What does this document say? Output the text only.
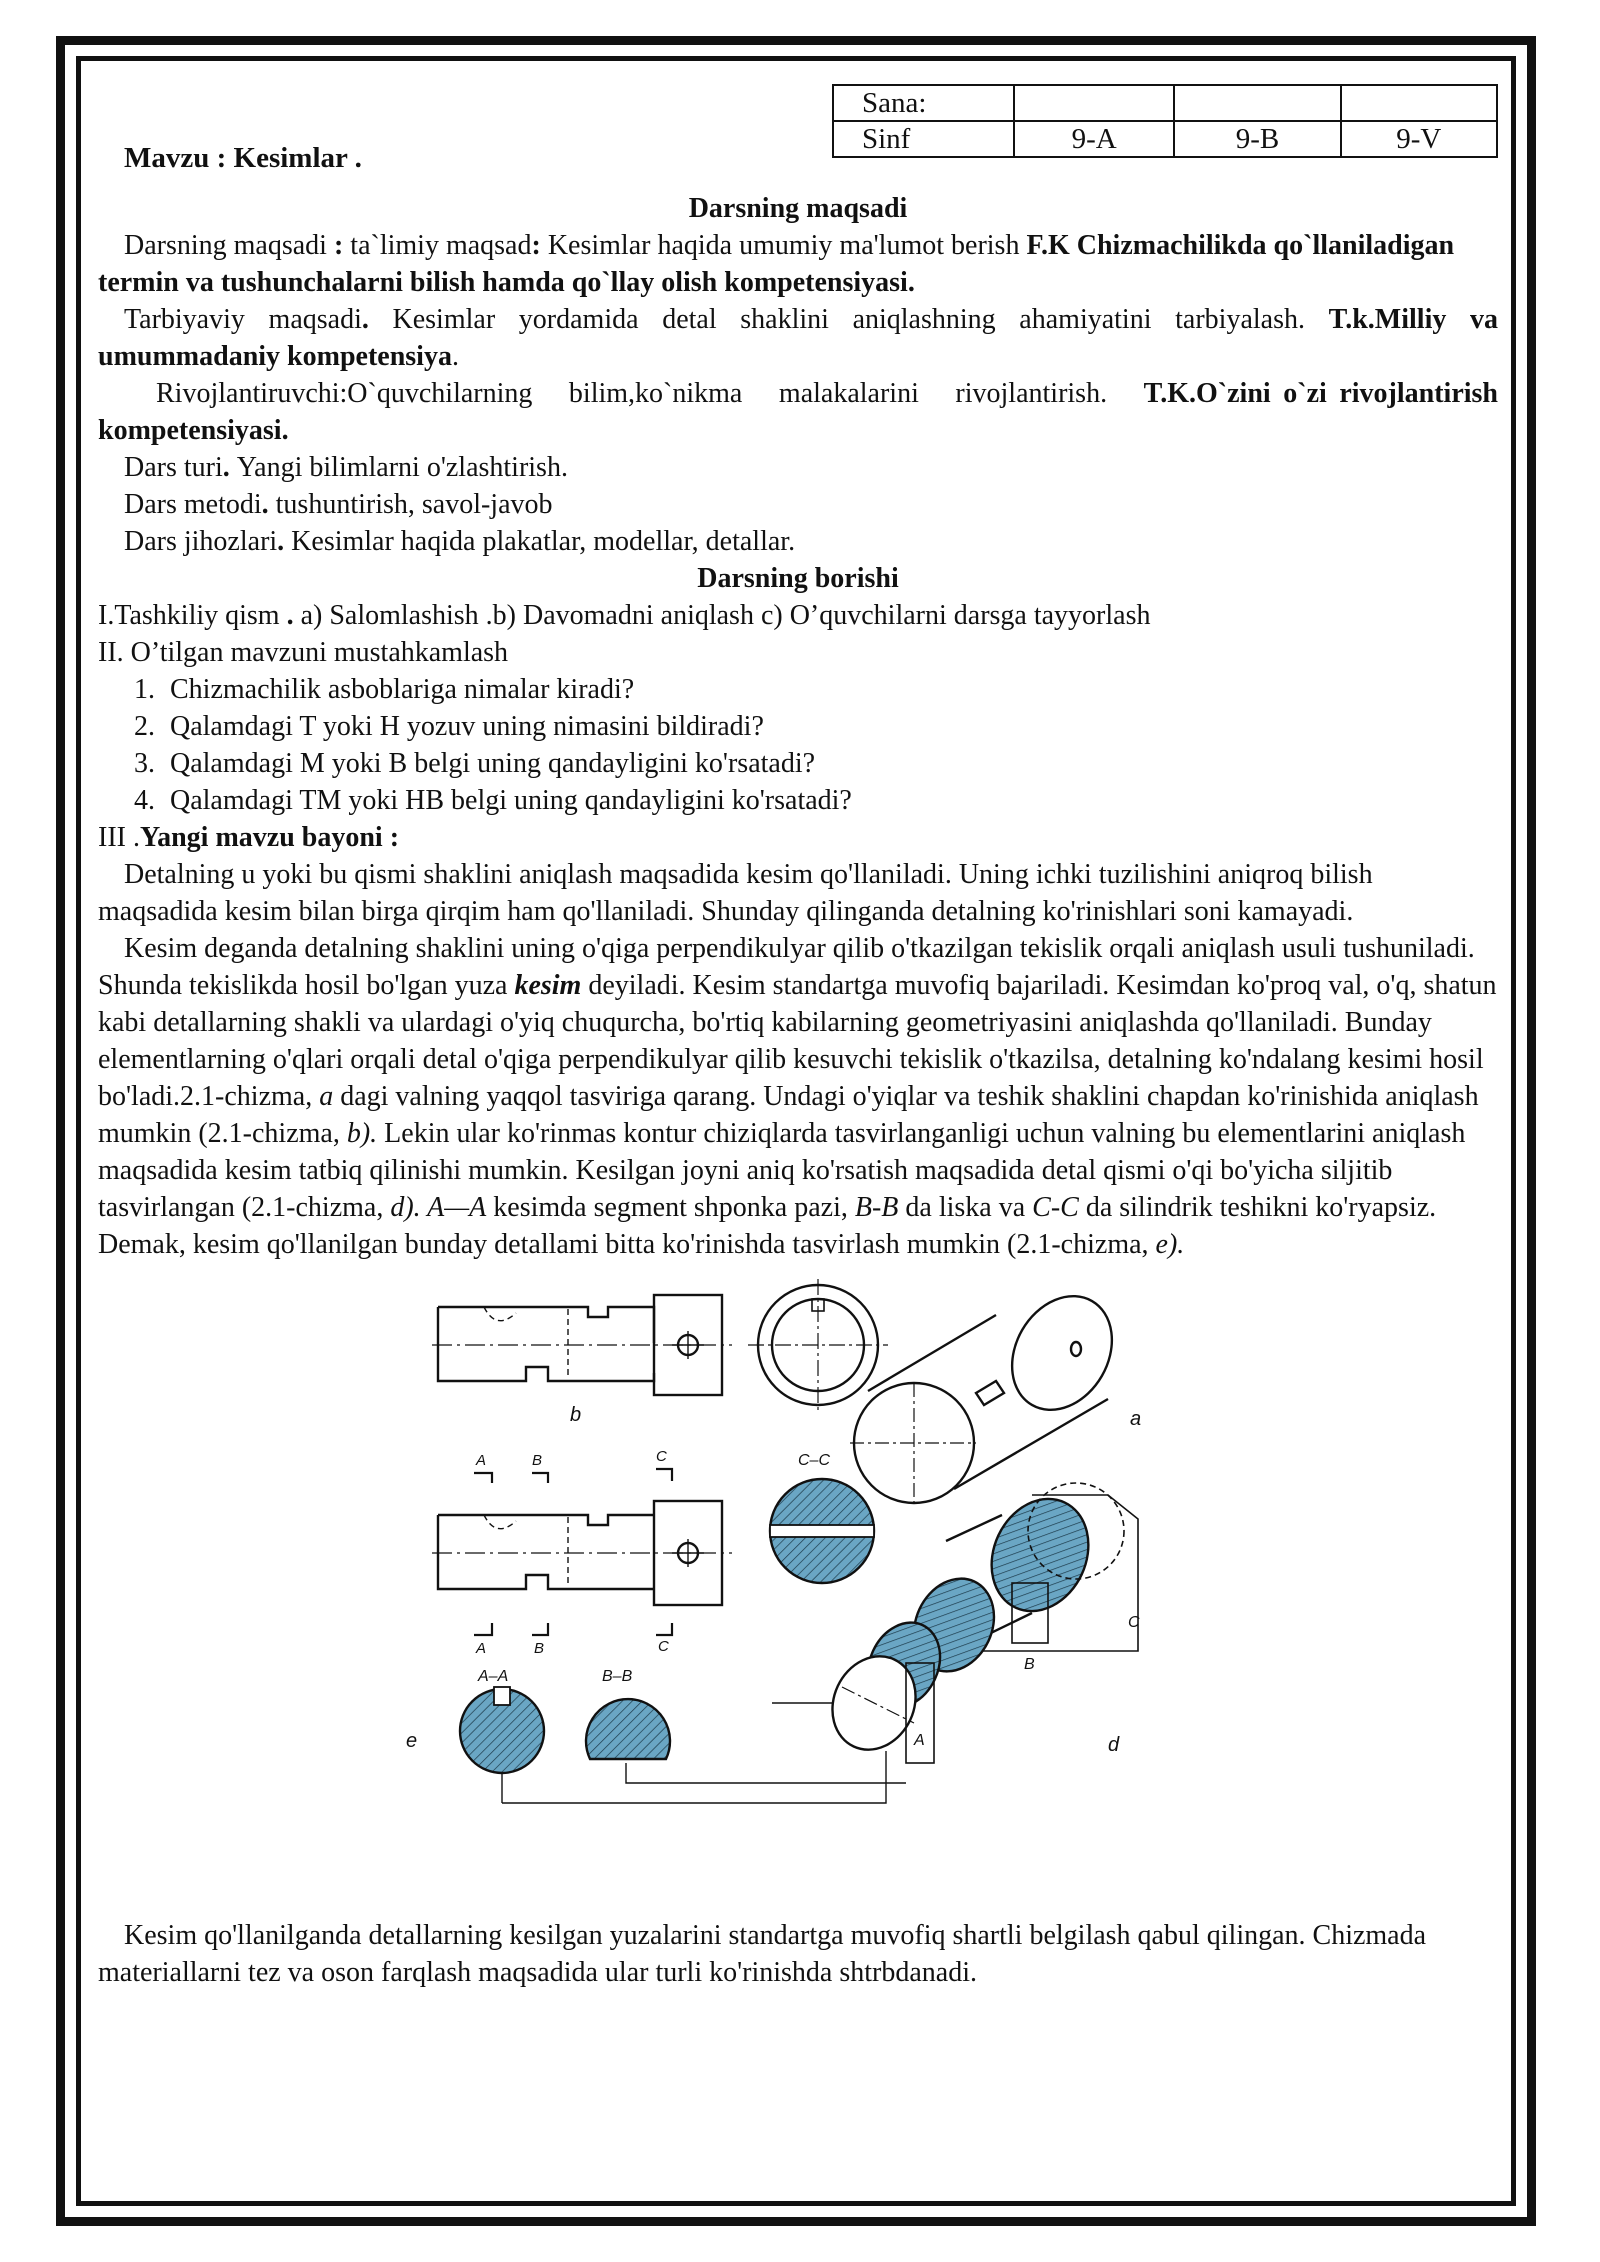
Mavzu : Kesimlar .
Sana:			
Sinf	9-A	9-B	9-V

Darsning maqsadi

Darsning maqsadi : ta`limiy maqsad: Kesimlar haqida umumiy ma'lumot berish F.K Chizmachilikda qo`llaniladigan termin va tushunchalarni bilish hamda qo`llay olish kompetensiyasi.

Tarbiyaviy maqsadi. Kesimlar yordamida detal shaklini aniqlashning ahamiyatini tarbiyalash. T.k.Milliy va umummadaniy kompetensiya.

Rivojlantiruvchi:O`quvchilarning bilim,ko`nikma malakalarini rivojlantirish. T.K.O`zini o`zi rivojlantirish kompetensiyasi.

Dars turi. Yangi bilimlarni o'zlashtirish.

Dars metodi. tushuntirish, savol-javob

Dars jihozlari. Kesimlar haqida plakatlar, modellar, detallar.

Darsning borishi

I.Tashkiliy qism . a) Salomlashish .b) Davomadni aniqlash c) O’quvchilarni darsga tayyorlash

II. O’tilgan mavzuni mustahkamlash

1. Chizmachilik asboblariga nimalar kiradi?
2. Qalamdagi T yoki H yozuv uning nimasini bildiradi?
3. Qalamdagi M yoki B belgi uning qandayligini ko'rsatadi?
4. Qalamdagi TM yoki HB belgi uning qandayligini ko'rsatadi?

III .Yangi mavzu bayoni :

Detalning u yoki bu qismi shaklini aniqlash maqsadida kesim qo'llaniladi. Uning ichki tuzilishini aniqroq bilish maqsadida kesim bilan birga qirqim ham qo'llaniladi. Shunday qilinganda detalning ko'rinishlari soni kamayadi.

Kesim deganda detalning shaklini uning o'qiga perpendikulyar qilib o'tkazilgan tekislik orqali aniqlash usuli tushuniladi. Shunda tekislikda hosil bo'lgan yuza kesim deyiladi. Kesim standartga muvofiq bajariladi. Kesimdan ko'proq val, o'q, shatun kabi detallarning shakli va ulardagi o'yiq chuqurcha, bo'rtiq kabilarning geometriyasini aniqlashda qo'llaniladi. Bunday elementlarning o'qlari orqali detal o'qiga perpendikulyar qilib kesuvchi tekislik o'tkazilsa, detalning ko'ndalang kesimi hosil bo'ladi.2.1-chizma, a dagi valning yaqqol tasviriga qarang. Undagi o'yiqlar va teshik shaklini chapdan ko'rinishida aniqlash mumkin (2.1-chizma, b). Lekin ular ko'rinmas kontur chiziqlarda tasvirlanganligi uchun valning bu elementlarini aniqlash maqsadida kesim tatbiq qilinishi mumkin. Kesilgan joyni aniq ko'rsatish maqsadida detal qismi o'qi bo'yicha siljitib tasvirlangan (2.1-chizma, d). A—A kesimda segment shponka pazi, B-B da liska va C-C da silindrik teshikni ko'ryapsiz. Demak, kesim qo'llanilgan bunday detallami bitta ko'rinishda tasvirlash mumkin (2.1-chizma, e).

b	a
A	B	C
A	B	C
C–C
C
B
A	d
A–A	B–B
e

Kesim qo'llanilganda detallarning kesilgan yuzalarini standartga muvofiq shartli belgilash qabul qilingan. Chizmada materiallarni tez va oson farqlash maqsadida ular turli ko'rinishda shtrbdanadi.
